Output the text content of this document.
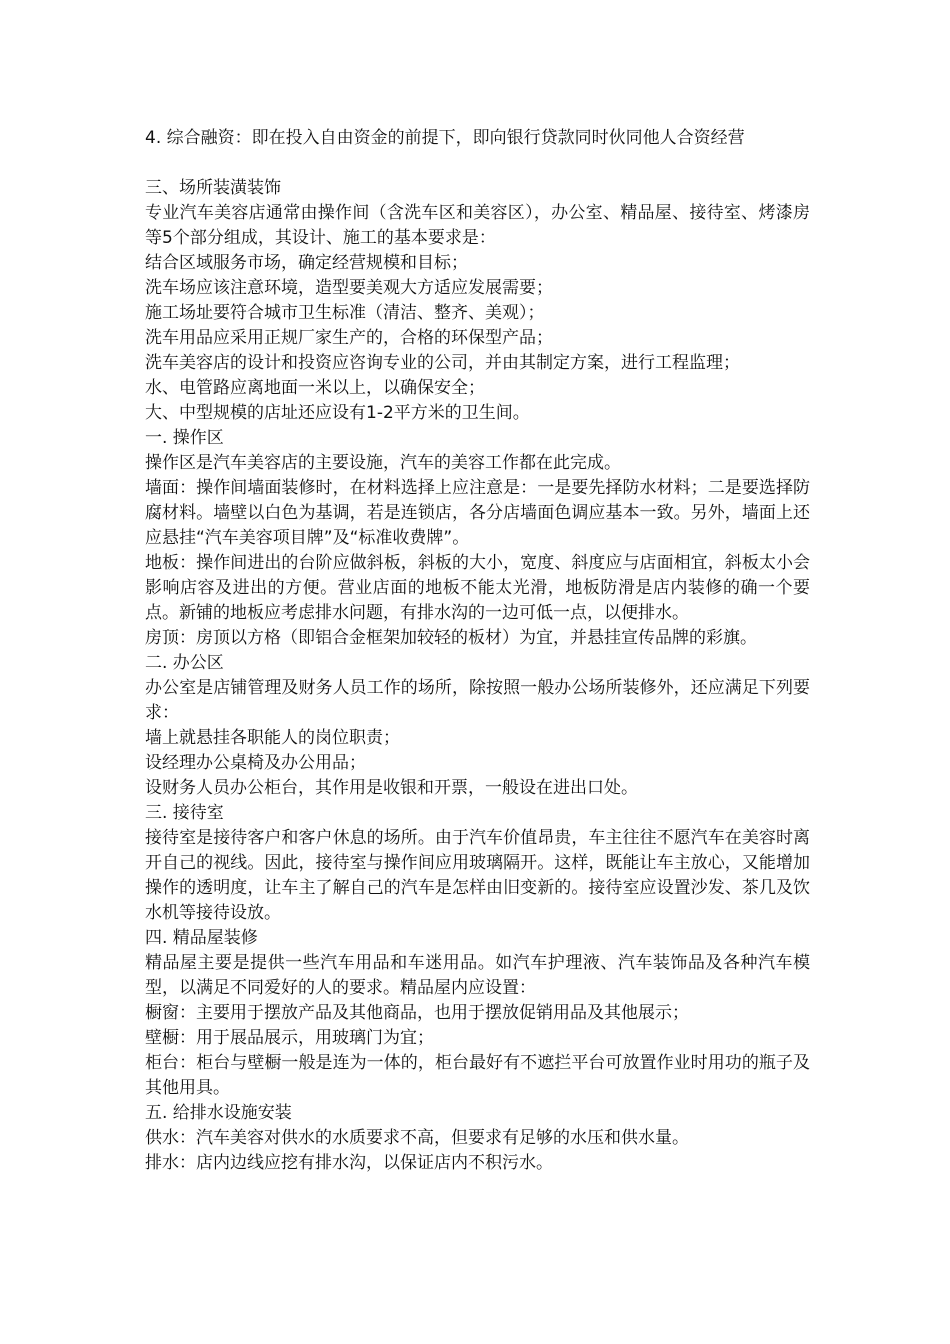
4. 综合融资：即在投入自由资金的前提下，即向银行贷款同时伙同他人合资经营

三、场所装潢装饰

专业汽车美容店通常由操作间（含洗车区和美容区），办公室、精品屋、接待室、烤漆房等5个部分组成，其设计、施工的基本要求是：

结合区域服务市场，确定经营规模和目标；

洗车场应该注意环境，造型要美观大方适应发展需要；

施工场址要符合城市卫生标准（清洁、整齐、美观）；

洗车用品应采用正规厂家生产的，合格的环保型产品；

洗车美容店的设计和投资应咨询专业的公司，并由其制定方案，进行工程监理；

水、电管路应离地面一米以上，以确保安全；

大、中型规模的店址还应设有1-2平方米的卫生间。

一. 操作区

操作区是汽车美容店的主要设施，汽车的美容工作都在此完成。

墙面：操作间墙面装修时，在材料选择上应注意是：一是要先择防水材料；二是要选择防腐材料。墙壁以白色为基调，若是连锁店，各分店墙面色调应基本一致。另外，墙面上还应悬挂“汽车美容项目牌”及“标准收费牌”。

地板：操作间进出的台阶应做斜板，斜板的大小，宽度、斜度应与店面相宜，斜板太小会影响店容及进出的方便。营业店面的地板不能太光滑，地板防滑是店内装修的确一个要点。新铺的地板应考虑排水问题，有排水沟的一边可低一点，以便排水。

房顶：房顶以方格（即铝合金框架加较轻的板材）为宜，并悬挂宣传品牌的彩旗。

二. 办公区

办公室是店铺管理及财务人员工作的场所，除按照一般办公场所装修外，还应满足下列要求：

墙上就悬挂各职能人的岗位职责；

设经理办公桌椅及办公用品；

设财务人员办公柜台，其作用是收银和开票，一般设在进出口处。

三. 接待室

接待室是接待客户和客户休息的场所。由于汽车价值昂贵，车主往往不愿汽车在美容时离开自己的视线。因此，接待室与操作间应用玻璃隔开。这样，既能让车主放心，又能增加操作的透明度，让车主了解自己的汽车是怎样由旧变新的。接待室应设置沙发、茶几及饮水机等接待设放。

四. 精品屋装修

精品屋主要是提供一些汽车用品和车迷用品。如汽车护理液、汽车装饰品及各种汽车模型，以满足不同爱好的人的要求。精品屋内应设置：

橱窗：主要用于摆放产品及其他商品，也用于摆放促销用品及其他展示；

壁橱：用于展品展示，用玻璃门为宜；

柜台：柜台与壁橱一般是连为一体的，柜台最好有不遮拦平台可放置作业时用功的瓶子及其他用具。

五. 给排水设施安装

供水：汽车美容对供水的水质要求不高，但要求有足够的水压和供水量。

排水：店内边线应挖有排水沟，以保证店内不积污水。
